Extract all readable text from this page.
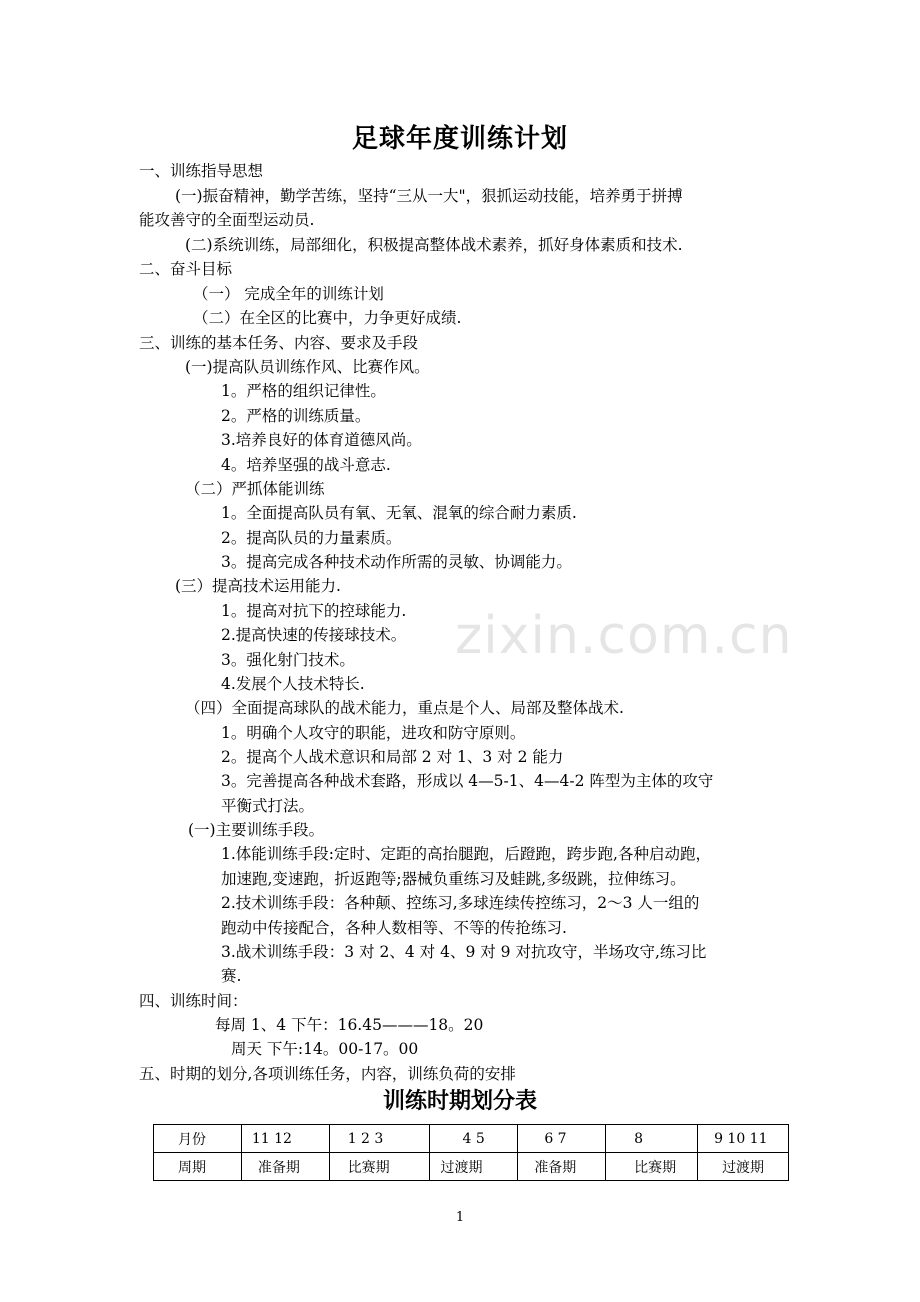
足球年度训练计划
一、训练指导思想
(一)振奋精神，勤学苦练，坚持“三从一大"，狠抓运动技能，培养勇于拼搏
能攻善守的全面型运动员.
(二)系统训练，局部细化，积极提高整体战术素养，抓好身体素质和技术.
二、奋斗目标
（一） 完成全年的训练计划
（二）在全区的比赛中，力争更好成绩.
三、训练的基本任务、内容、要求及手段
(一)提高队员训练作风、比赛作风。
1。严格的组织记律性。
2。严格的训练质量。
3.培养良好的体育道德风尚。
4。培养坚强的战斗意志.
（二）严抓体能训练
1。全面提高队员有氧、无氧、混氧的综合耐力素质.
2。提高队员的力量素质。
3。提高完成各种技术动作所需的灵敏、协调能力。
(三）提高技术运用能力.
1。提高对抗下的控球能力.
2.提高快速的传接球技术。
3。强化射门技术。
4.发展个人技术特长.
（四）全面提高球队的战术能力，重点是个人、局部及整体战术.
1。明确个人攻守的职能，进攻和防守原则。
2。提高个人战术意识和局部 2 对 1、3 对 2 能力
3。完善提高各种战术套路，形成以 4—5-1、4—4-2 阵型为主体的攻守
平衡式打法。
(一)主要训练手段。
1.体能训练手段:定时、定距的高抬腿跑，后蹬跑，跨步跑,各种启动跑，
加速跑,变速跑，折返跑等;器械负重练习及蛙跳,多级跳，拉伸练习。
2.技术训练手段：各种颠、控练习,多球连续传控练习，2～3 人一组的
跑动中传接配合，各种人数相等、不等的传抢练习.
3.战术训练手段：3 对 2、4 对 4、9 对 9 对抗攻守，半场攻守,练习比
赛.
四、训练时间：
每周 1、4 下午：16.45———18。20
周天 下午:14。00-17。00
五、时期的划分,各项训练任务，内容，训练负荷的安排
zixin.com.cn
训练时期划分表
月份	11 12	1 2 3	4 5	6 7	8	9 10 11
周期	准备期	比赛期	过渡期	准备期	比赛期	过渡期
1
